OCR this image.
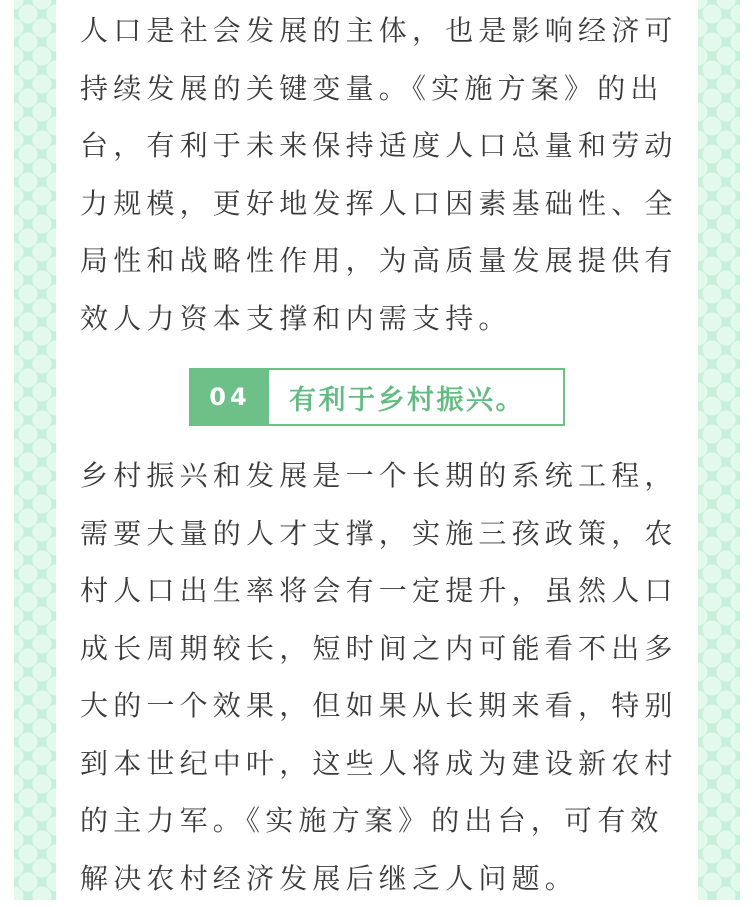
人口是社会发展的主体，也是影响经济可
持续发展的关键变量。《实施方案》的出
台，有利于未来保持适度人口总量和劳动
力规模，更好地发挥人口因素基础性、全
局性和战略性作用，为高质量发展提供有
效人力资本支撑和内需支持。

04	有利于乡村振兴。

乡村振兴和发展是一个长期的系统工程，
需要大量的人才支撑，实施三孩政策，农
村人口出生率将会有一定提升，虽然人口
成长周期较长，短时间之内可能看不出多
大的一个效果，但如果从长期来看，特别
到本世纪中叶，这些人将成为建设新农村
的主力军。《实施方案》的出台，可有效
解决农村经济发展后继乏人问题。
